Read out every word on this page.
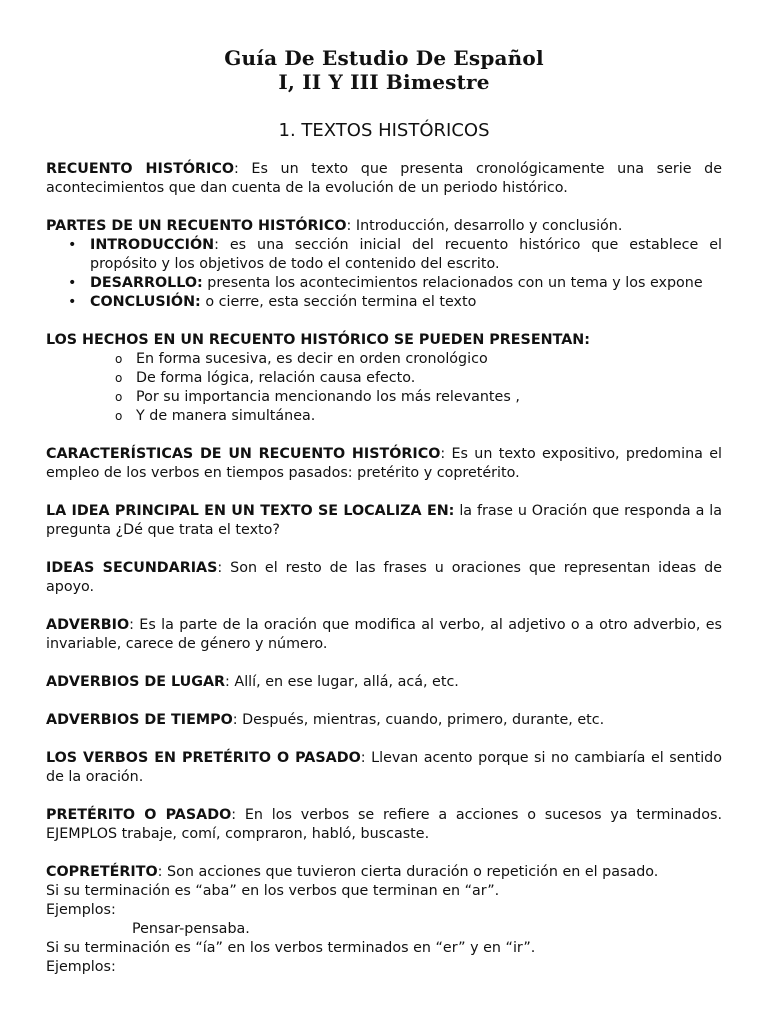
Guía De Estudio De Español
I, II Y III Bimestre
1. TEXTOS HISTÓRICOS

RECUENTO HISTÓRICO: Es un texto que presenta cronológicamente una serie de acontecimientos que dan cuenta de la evolución de un periodo histórico.

PARTES DE UN RECUENTO HISTÓRICO: Introducción, desarrollo y conclusión.

• INTRODUCCIÓN: es una sección inicial del recuento histórico que establece el propósito y los objetivos de todo el contenido del escrito.
• DESARROLLO: presenta los acontecimientos relacionados con un tema y los expone
• CONCLUSIÓN: o cierre, esta sección termina el texto

LOS HECHOS EN UN RECUENTO HISTÓRICO SE PUEDEN PRESENTAN:

o En forma sucesiva, es decir en orden cronológico
o De forma lógica, relación causa efecto.
o Por su importancia mencionando los más relevantes ,
o Y de manera simultánea.

CARACTERÍSTICAS DE UN RECUENTO HISTÓRICO: Es un texto expositivo, predomina el empleo de los verbos en tiempos pasados: pretérito y copretérito.

LA IDEA PRINCIPAL EN UN TEXTO SE LOCALIZA EN: la frase u Oración que responda a la pregunta ¿Dé que trata el texto?

IDEAS SECUNDARIAS: Son el resto de las frases u oraciones que representan ideas de apoyo.

ADVERBIO: Es la parte de la oración que modifica al verbo, al adjetivo o a otro adverbio, es invariable, carece de género y número.

ADVERBIOS DE LUGAR: Allí, en ese lugar, allá, acá, etc.

ADVERBIOS DE TIEMPO: Después, mientras, cuando, primero, durante, etc.

LOS VERBOS EN PRETÉRITO O PASADO: Llevan acento porque si no cambiaría el sentido de la oración.

PRETÉRITO O PASADO: En los verbos se refiere a acciones o sucesos ya terminados. EJEMPLOS trabaje, comí, compraron, habló, buscaste.

COPRETÉRITO: Son acciones que tuvieron cierta duración o repetición en el pasado.

Si su terminación es “aba” en los verbos que terminan en “ar”.

Ejemplos:

Pensar-pensaba.

Si su terminación es “ía” en los verbos terminados en “er” y en “ir”.

Ejemplos:
